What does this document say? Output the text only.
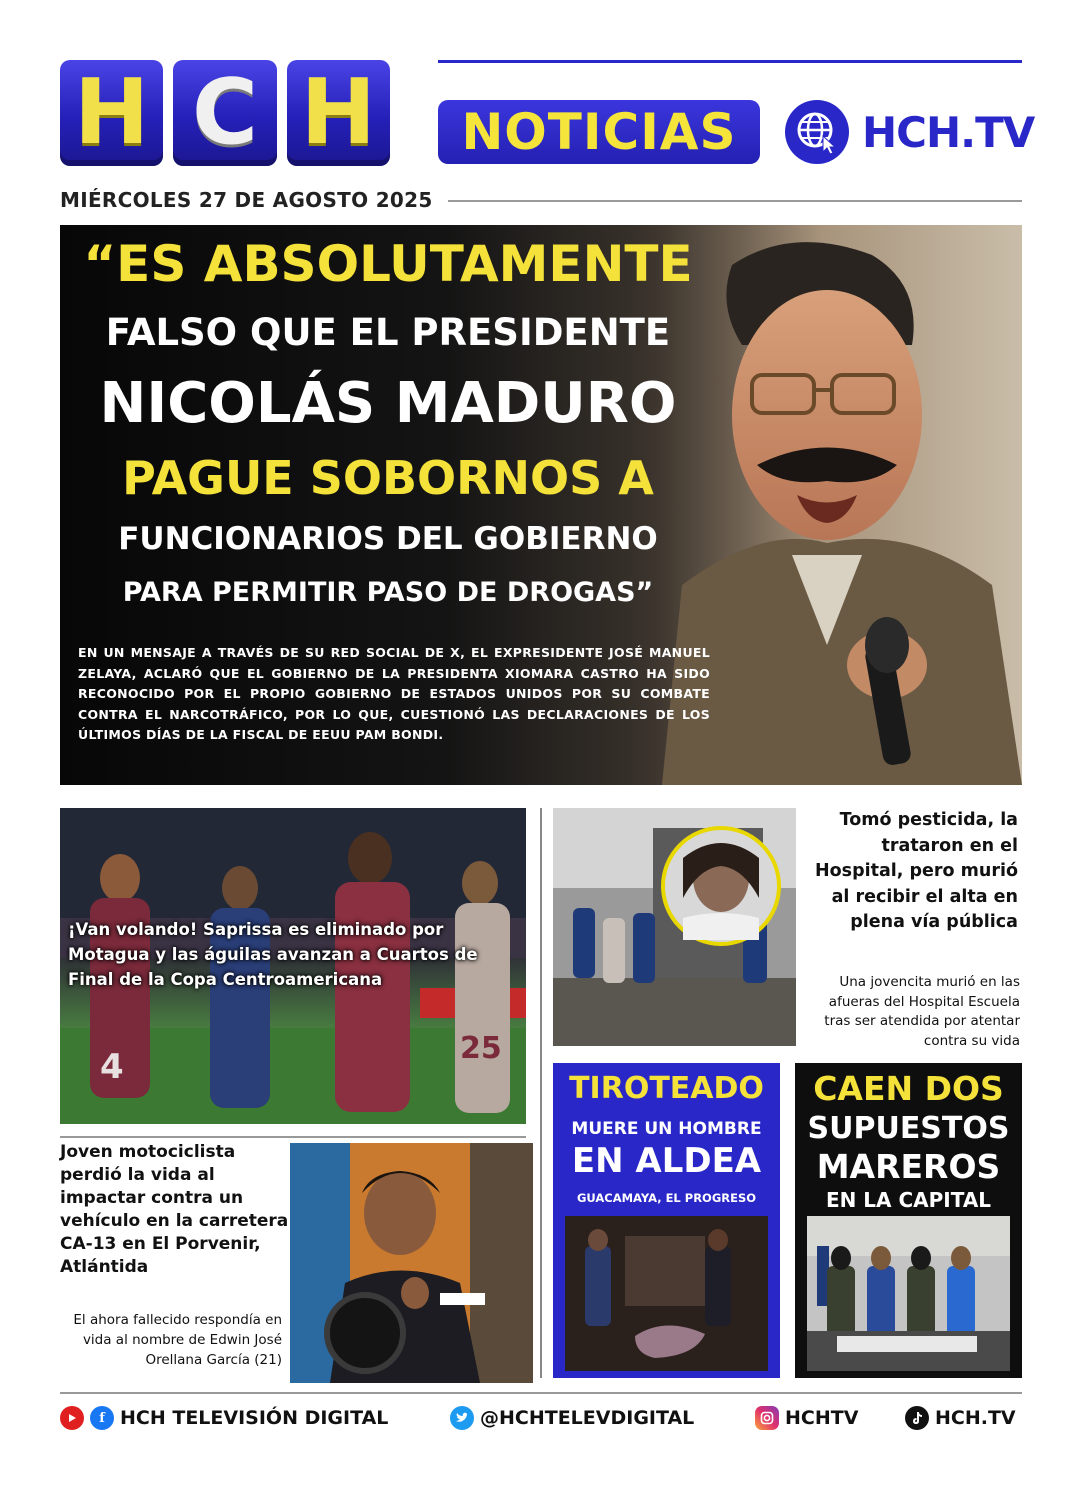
H C H	NOTICIAS	HCH.TV
MIÉRCOLES 27 DE AGOSTO 2025
“ES ABSOLUTAMENTE
FALSO QUE EL PRESIDENTE
NICOLÁS MADURO
PAGUE SOBORNOS A
FUNCIONARIOS DEL GOBIERNO
PARA PERMITIR PASO DE DROGAS”
EN UN MENSAJE A TRAVÉS DE SU RED SOCIAL DE X, EL EXPRESIDENTE JOSÉ MANUEL ZELAYA, ACLARÓ QUE EL GOBIERNO DE LA PRESIDENTA XIOMARA CASTRO HA SIDO RECONOCIDO POR EL PROPIO GOBIERNO DE ESTADOS UNIDOS POR SU COMBATE CONTRA EL NARCOTRÁFICO, POR LO QUE, CUESTIONÓ LAS DECLARACIONES DE LOS ÚLTIMOS DÍAS DE LA FISCAL DE EEUU PAM BONDI.
4	25
¡Van volando! Saprissa es eliminado por Motagua y las águilas avanzan a Cuartos de Final de la Copa Centroamericana
Tomó pesticida, la trataron en el Hospital, pero murió al recibir el alta en plena vía pública
Una jovencita murió en las afueras del Hospital Escuela tras ser atendida por atentar contra su vida
Joven motociclista perdió la vida al impactar contra un vehículo en la carretera CA-13 en El Porvenir, Atlántida
El ahora fallecido respondía en vida al nombre de Edwin José Orellana García (21)
TIROTEADO
MUERE UN HOMBRE
EN ALDEA
GUACAMAYA, EL PROGRESO
CAEN DOS
SUPUESTOS
MAREROS
EN LA CAPITAL
f HCH TELEVISIÓN DIGITAL	@HCHTELEVDIGITAL	HCHTV	HCH.TV
